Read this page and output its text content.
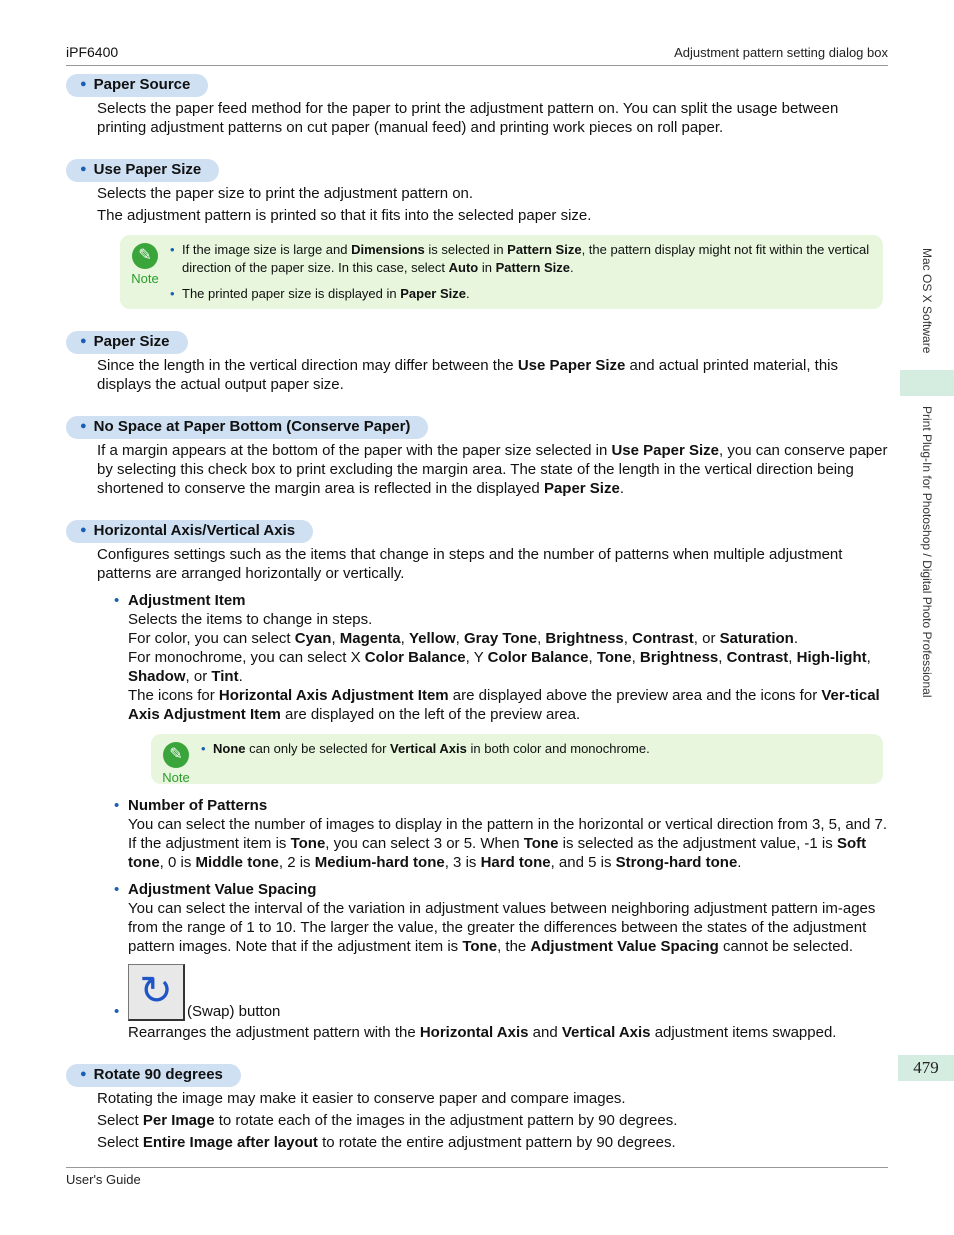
iPF6400	Adjustment pattern setting dialog box
Mac OS X Software
Print Plug-In for Photoshop / Digital Photo Professional
479
● Paper Source
Selects the paper feed method for the paper to print the adjustment pattern on. You can split the usage between printing adjustment patterns on cut paper (manual feed) and printing work pieces on roll paper.
● Use Paper Size
Selects the paper size to print the adjustment pattern on.
The adjustment pattern is printed so that it fits into the selected paper size.
✎
Note
• If the image size is large and Dimensions is selected in Pattern Size, the pattern display might not fit within the vertical direction of the paper size. In this case, select Auto in Pattern Size.
• The printed paper size is displayed in Paper Size.
● Paper Size
Since the length in the vertical direction may differ between the Use Paper Size and actual printed material, this displays the actual output paper size.
● No Space at Paper Bottom (Conserve Paper)
If a margin appears at the bottom of the paper with the paper size selected in Use Paper Size, you can conserve paper by selecting this check box to print excluding the margin area. The state of the length in the vertical direction being shortened to conserve the margin area is reflected in the displayed Paper Size.
● Horizontal Axis/Vertical Axis
Configures settings such as the items that change in steps and the number of patterns when multiple adjustment patterns are arranged horizontally or vertically.
• Adjustment Item
Selects the items to change in steps.
For color, you can select Cyan, Magenta, Yellow, Gray Tone, Brightness, Contrast, or Saturation.
For monochrome, you can select X Color Balance, Y Color Balance, Tone, Brightness, Contrast, High-light, Shadow, or Tint.
The icons for Horizontal Axis Adjustment Item are displayed above the preview area and the icons for Ver-tical Axis Adjustment Item are displayed on the left of the preview area.
✎
Note
• None can only be selected for Vertical Axis in both color and monochrome.
• Number of Patterns
You can select the number of images to display in the pattern in the horizontal or vertical direction from 3, 5, and 7. If the adjustment item is Tone, you can select 3 or 5. When Tone is selected as the adjustment value, -1 is Soft tone, 0 is Middle tone, 2 is Medium-hard tone, 3 is Hard tone, and 5 is Strong-hard tone.
• Adjustment Value Spacing
You can select the interval of the variation in adjustment values between neighboring adjustment pattern im-ages from the range of 1 to 10. The larger the value, the greater the differences between the states of the adjustment pattern images. Note that if the adjustment item is Tone, the Adjustment Value Spacing cannot be selected.
• ↻ (Swap) button
Rearranges the adjustment pattern with the Horizontal Axis and Vertical Axis adjustment items swapped.
● Rotate 90 degrees
Rotating the image may make it easier to conserve paper and compare images.
Select Per Image to rotate each of the images in the adjustment pattern by 90 degrees.
Select Entire Image after layout to rotate the entire adjustment pattern by 90 degrees.
User's Guide
